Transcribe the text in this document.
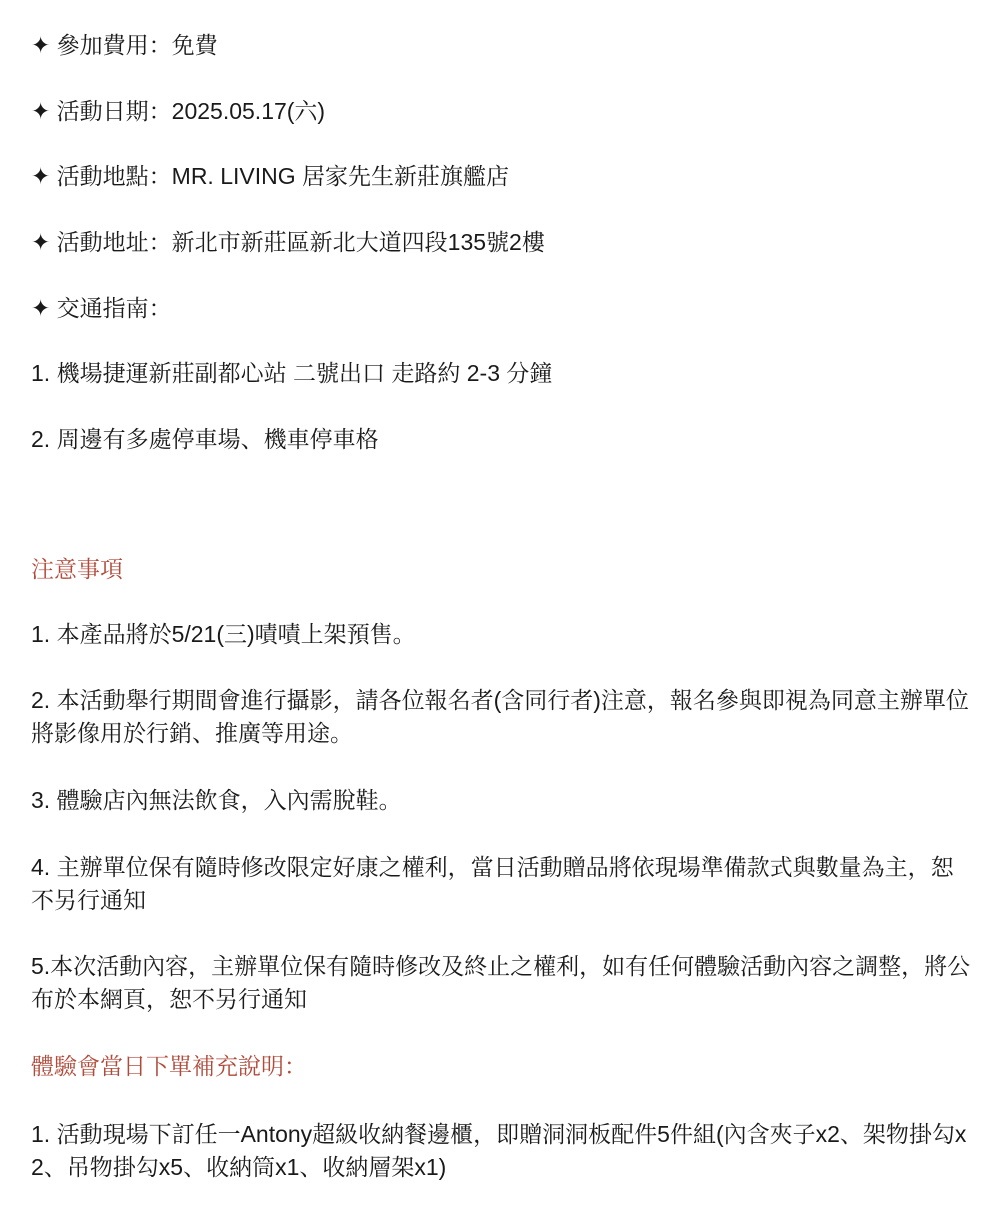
✦ 參加費用：免費

✦ 活動日期：2025.05.17(六)

✦ 活動地點：MR. LIVING 居家先生新莊旗艦店

✦ 活動地址：新北市新莊區新北大道四段135號2樓

✦ 交通指南：

1. 機場捷運新莊副都心站 二號出口 走路約 2-3 分鐘

2. 周邊有多處停車場、機車停車格

注意事項

1. 本產品將於5/21(三)嘖嘖上架預售。

2. 本活動舉行期間會進行攝影，請各位報名者(含同行者)注意，報名參與即視為同意主辦單位將影像用於行銷、推廣等用途。

3. 體驗店內無法飲食，入內需脫鞋。

4. 主辦單位保有隨時修改限定好康之權利，當日活動贈品將依現場準備款式與數量為主，恕不另行通知

5.本次活動內容，主辦單位保有隨時修改及終止之權利，如有任何體驗活動內容之調整，將公布於本網頁，恕不另行通知

體驗會當日下單補充說明：

1. 活動現場下訂任一Antony超級收納餐邊櫃，即贈洞洞板配件5件組(內含夾子x2、架物掛勾x2、吊物掛勾x5、收納筒x1、收納層架x1)
